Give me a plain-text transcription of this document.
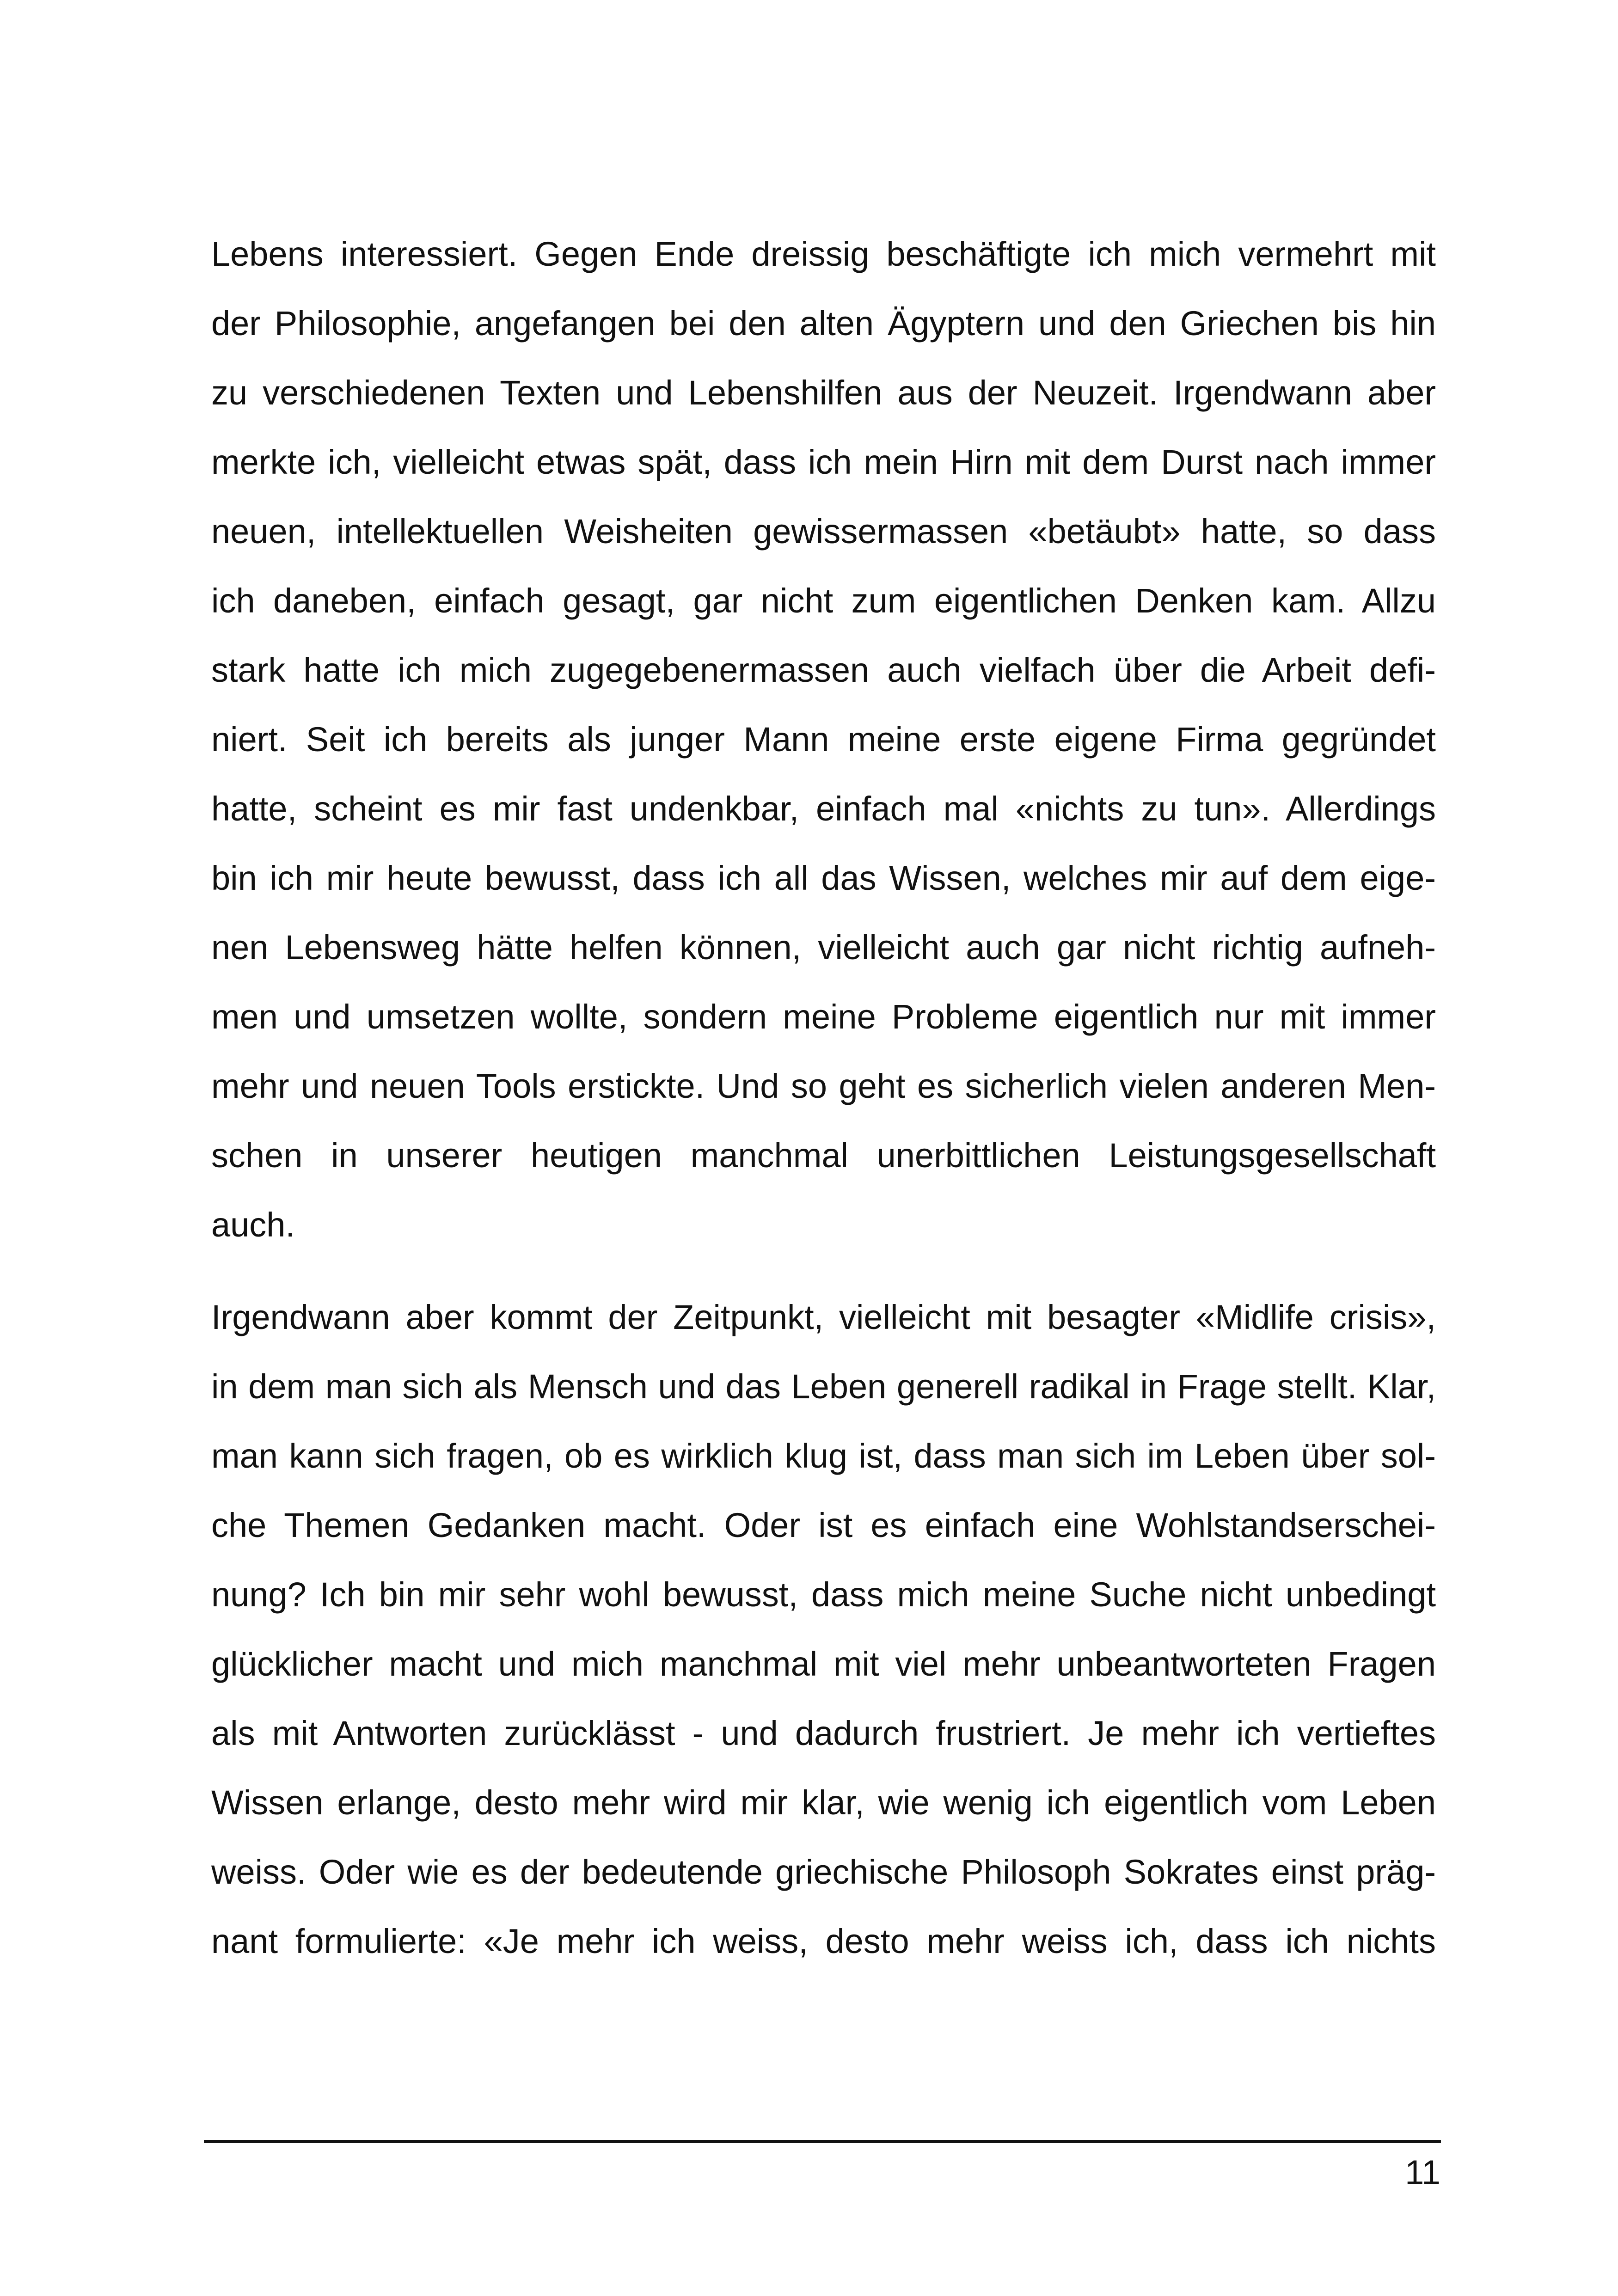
Lebens interessiert. Gegen Ende dreissig beschäftigte ich mich vermehrt mit
der Philosophie, angefangen bei den alten Ägyptern und den Griechen bis hin
zu verschiedenen Texten und Lebenshilfen aus der Neuzeit. Irgendwann aber
merkte ich, vielleicht etwas spät, dass ich mein Hirn mit dem Durst nach immer
neuen, intellektuellen Weisheiten gewissermassen «betäubt» hatte, so dass
ich daneben, einfach gesagt, gar nicht zum eigentlichen Denken kam. Allzu
stark hatte ich mich zugegebenermassen auch vielfach über die Arbeit defi-
niert. Seit ich bereits als junger Mann meine erste eigene Firma gegründet
hatte, scheint es mir fast undenkbar, einfach mal «nichts zu tun». Allerdings
bin ich mir heute bewusst, dass ich all das Wissen, welches mir auf dem eige-
nen Lebensweg hätte helfen können, vielleicht auch gar nicht richtig aufneh-
men und umsetzen wollte, sondern meine Probleme eigentlich nur mit immer
mehr und neuen Tools erstickte. Und so geht es sicherlich vielen anderen Men-
schen in unserer heutigen manchmal unerbittlichen Leistungsgesellschaft
auch.
Irgendwann aber kommt der Zeitpunkt, vielleicht mit besagter «Midlife crisis»,
in dem man sich als Mensch und das Leben generell radikal in Frage stellt. Klar,
man kann sich fragen, ob es wirklich klug ist, dass man sich im Leben über sol-
che Themen Gedanken macht. Oder ist es einfach eine Wohlstandserschei-
nung? Ich bin mir sehr wohl bewusst, dass mich meine Suche nicht unbedingt
glücklicher macht und mich manchmal mit viel mehr unbeantworteten Fragen
als mit Antworten zurücklässt - und dadurch frustriert. Je mehr ich vertieftes
Wissen erlange, desto mehr wird mir klar, wie wenig ich eigentlich vom Leben
weiss. Oder wie es der bedeutende griechische Philosoph Sokrates einst präg-
nant formulierte: «Je mehr ich weiss, desto mehr weiss ich, dass ich nichts
11
